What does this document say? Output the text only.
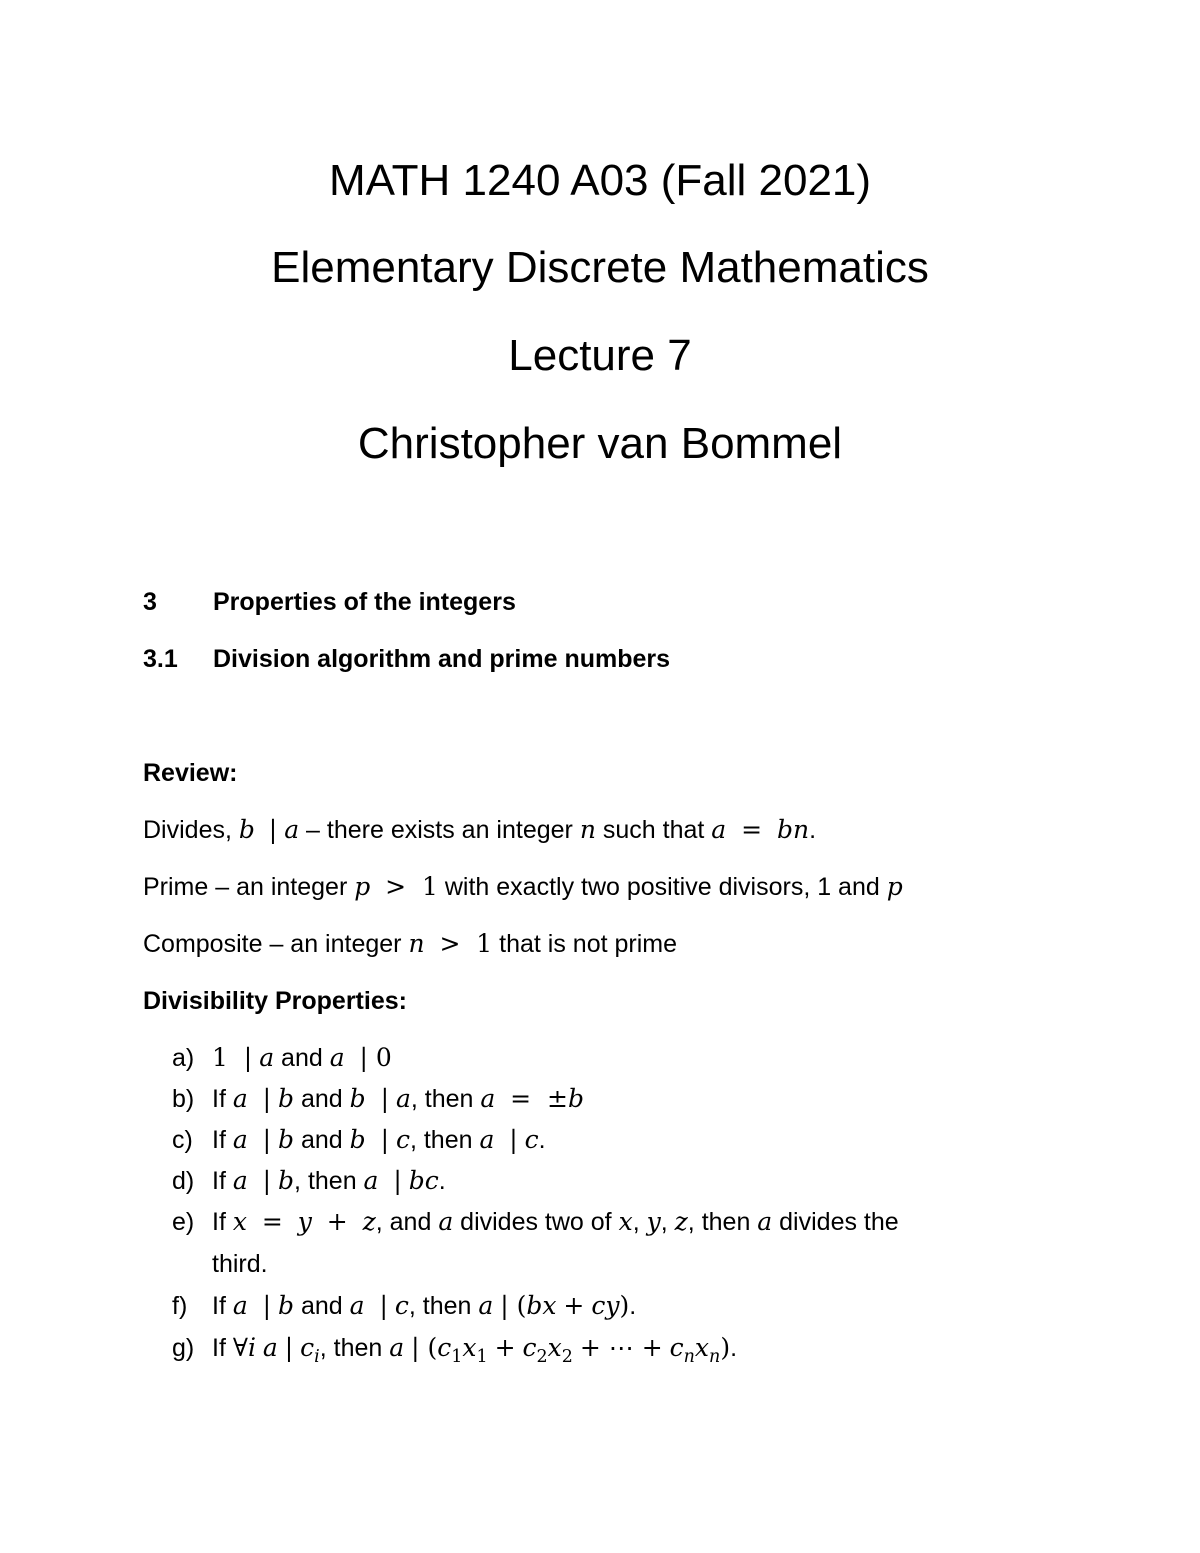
MATH 1240 A03 (Fall 2021)
Elementary Discrete Mathematics
Lecture 7
Christopher van Bommel
3 Properties of the integers
3.1 Division algorithm and prime numbers
Review:
Divides, b | a – there exists an integer n such that a  =  bn.
Prime – an integer p  >  1 with exactly two positive divisors, 1 and p
Composite – an integer n  >  1 that is not prime
Divisibility Properties:
a) 1  | a and a  | 0
b) If a  | b and b  | a, then a  =  ±b
c) If a  | b and b  | c, then a  | c.
d) If a  | b, then a  | bc.
e) If x  =  y  +  z, and a divides two of x, y, z, then a divides the
third.
f) If a  | b and a  | c, then a | (bx + cy).
g) If ∀i a | $c_i$, then a | ($c_1x_1 + c_2x_2$ + ⋯ + $c_nx_n$).
